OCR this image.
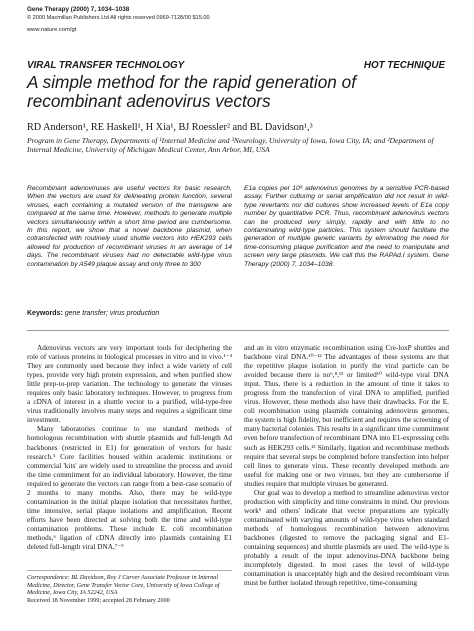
Gene Therapy (2000) 7, 1034–1038
© 2000 Macmillan Publishers Ltd All rights reserved 0969-7128/00 $15.00
www.nature.com/gt
VIRAL TRANSFER TECHNOLOGY	HOT TECHNIQUE
A simple method for the rapid generation of recombinant adenovirus vectors
RD Anderson¹, RE Haskell¹, H Xia¹, BJ Roessler² and BL Davidson¹,³
Program in Gene Therapy, Departments of ¹Internal Medicine and ³Neurology, University of Iowa, Iowa City, IA; and ²Department of Internal Medicine, University of Michigan Medical Center, Ann Arbor, MI, USA
Recombinant adenoviruses are useful vectors for basic research. When the vectors are used for delineating protein function, several viruses, each containing a mutated version of the transgene are compared at the same time. However, methods to generate multiple vectors simultaneously within a short time period are cumbersome. In this report, we show that a novel backbone plasmid, when cotransfected with routinely used shuttle vectors into HEK293 cells allowed for production of recombinant viruses in an average of 14 days. The recombinant viruses had no detectable wild-type virus contamination by A549 plaque assay and only three to 300
E1a copies per 10⁸ adenovirus genomes by a sensitive PCR-based assay. Further culturing or serial amplification did not result in wild-type revertants nor did cultures show increased levels of E1a copy number by quantitative PCR. Thus, recombinant adenovirus vectors can be produced very simply, rapidly and with little to no contaminating wild-type particles. This system should facilitate the generation of multiple genetic variants by eliminating the need for time-consuming plaque purification and the need to manipulate and screen very large plasmids. We call this the RAPAd.I system. Gene Therapy (2000) 7, 1034–1038.
Keywords: gene transfer; virus production

Adenovirus vectors are very important tools for deciphering the role of various proteins in biological processes in vitro and in vivo.¹⁻⁴ They are commonly used because they infect a wide variety of cell types, provide very high protein expression, and when purified show little prep-to-prep variation. The technology to generate the viruses requires only basic laboratory techniques. However, to progress from a cDNA of interest in a shuttle vector to a purified, wild-type-free virus traditionally involves many steps and requires a significant time investment.

Many laboratories continue to use standard methods of homologous recombination with shuttle plasmids and full-length Ad backbones (restricted in E1) for generation of vectors for basic research.⁵ Core facilities housed within academic institutions or commercial 'kits' are widely used to streamline the process and avoid the time commitment for an individual laboratory. However, the time required to generate the vectors can range from a best-case scenario of 2 months to many months. Also, there may be wild-type contamination in the initial plaque isolation that necessitates further, time intensive, serial plaque isolations and amplification. Recent efforts have been directed at solving both the time and wild-type contamination problems. These include E. coli recombination methods,⁶ ligation of cDNA directly into plasmids containing E1 deleted full-length viral DNA,⁷⁻⁹

Correspondence: BL Davidson, Roy J Carver Associate Professor in Internal Medicine, Director, Gene Transfer Vector Core, University of Iowa College of Medicine, Iowa City, IA 52242, USA
Received 18 November 1999; accepted 28 February 2000

and an in vitro enzymatic recombination using Cre-loxP shuttles and backbone viral DNA.¹⁰⁻¹² The advantages of these systems are that the repetitive plaque isolation to purify the viral particle can be avoided because there is no⁶,⁸,¹² or limited¹⁰ wild-type viral DNA input. Thus, there is a reduction in the amount of time it takes to progress from the transfection of viral DNA to amplified, purified virus. However, these methods also have their drawbacks. For the E. coli recombination using plasmids containing adenovirus genomes, the system is high fidelity, but inefficient and requires the screening of many bacterial colonies. This results in a significant time commitment even before transfection of recombinant DNA into E1-expressing cells such as HEK293 cells.¹³ Similarly, ligation and recombinase methods require that several steps be completed before transfection into helper cell lines to generate virus. These recently developed methods are useful for making one or two viruses, but they are cumbersome if studies require that multiple viruses be generated.

Our goal was to develop a method to streamline adenovirus vector production with simplicity and time constraints in mind. Our previous work⁵ and others' indicate that vector preparations are typically contaminated with varying amounts of wild-type virus when standard methods of homologous recombination between adenovirus backbones (digested to remove the packaging signal and E1-containing sequences) and shuttle plasmids are used. The wild-type is probably a result of the input adenovirus-DNA backbone being incompletely digested. In most cases the level of wild-type contamination is unacceptably high and the desired recombinant virus must be further isolated through repetitive, time-consuming
